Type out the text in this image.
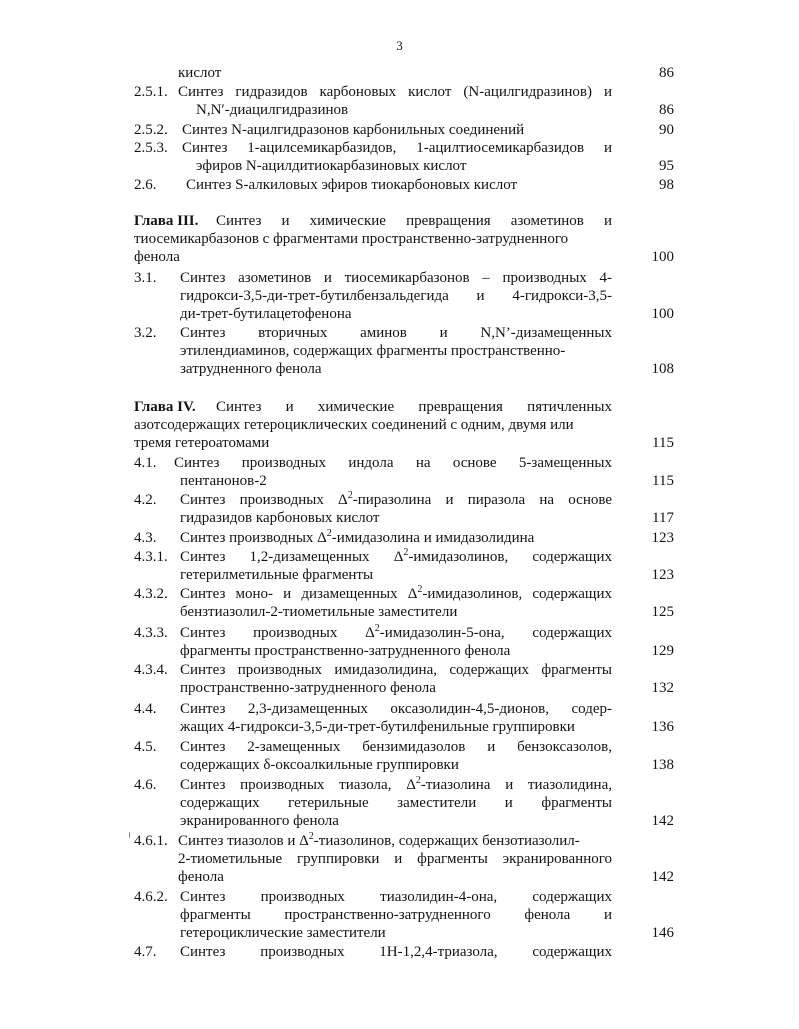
3
кислот	86
2.5.1. Синтез гидразидов карбоновых кислот (N-ацилгидразинов) и
N,N′-диацилгидразинов	86
2.5.2. Синтез N-ацилгидразонов карбонильных соединений	90
2.5.3. Синтез 1-ацилсемикарбазидов, 1-ацилтиосемикарбазидов и
эфиров N-ацилдитиокарбазиновых кислот	95
2.6. Синтез S-алкиловых эфиров тиокарбоновых кислот	98
Глава III. Синтез и химические превращения азометинов и
тиосемикарбазонов с фрагментами пространственно-затрудненного
фенола	100
3.1. Синтез азометинов и тиосемикарбазонов – производных 4-
гидрокси-3,5-ди-трет-бутилбензальдегида и 4-гидрокси-3,5-
ди-трет-бутилацетофенона	100
3.2. Синтез вторичных аминов и N,N’-дизамещенных
этилендиаминов, содержащих фрагменты пространственно-
затрудненного фенола	108
Глава IV. Синтез и химические превращения пятичленных
азотсодержащих гетероциклических соединений с одним, двумя или
тремя гетероатомами	115
4.1. Синтез производных индола на основе 5-замещенных
пентанонов-2	115
4.2. Синтез производных $\Delta^2$-пиразолина и пиразола на основе
гидразидов карбоновых кислот	117
4.3. Синтез производных $\Delta^2$-имидазолина и имидазолидина	123
4.3.1. Синтез 1,2-дизамещенных $\Delta^2$-имидазолинов, содержащих
гетерилметильные фрагменты	123
4.3.2. Синтез моно- и дизамещенных $\Delta^2$-имидазолинов, содержащих
бензтиазолил-2-тиометильные заместители	125
4.3.3. Синтез производных $\Delta^2-имидазолин-5$-она, содержащих
фрагменты пространственно-затрудненного фенола	129
4.3.4. Синтез производных имидазолидина, содержащих фрагменты
пространственно-затрудненного фенола	132
4.4. Синтез 2,3-дизамещенных оксазолидин-4,5-дионов, содер-
жащих 4-гидрокси-3,5-ди-трет-бутилфенильные группировки	136
4.5. Синтез 2-замещенных бензимидазолов и бензоксазолов,
содержащих δ-оксоалкильные группировки	138
4.6. Синтез производных тиазола, $\Delta^2$-тиазолина и тиазолидина,
содержащих гетерильные заместители и фрагменты
экранированного фенола	142
4.6.1. Синтез тиазолов и $\Delta^2$-тиазолинов, содержащих бензотиазолил-
2-тиометильные группировки и фрагменты экранированного
фенола	142
4.6.2. Синтез производных тиазолидин-4-она, содержащих
фрагменты пространственно-затрудненного фенола и
гетероциклические заместители	146
4.7. Синтез производных 1H-1,2,4-триазола, содержащих
